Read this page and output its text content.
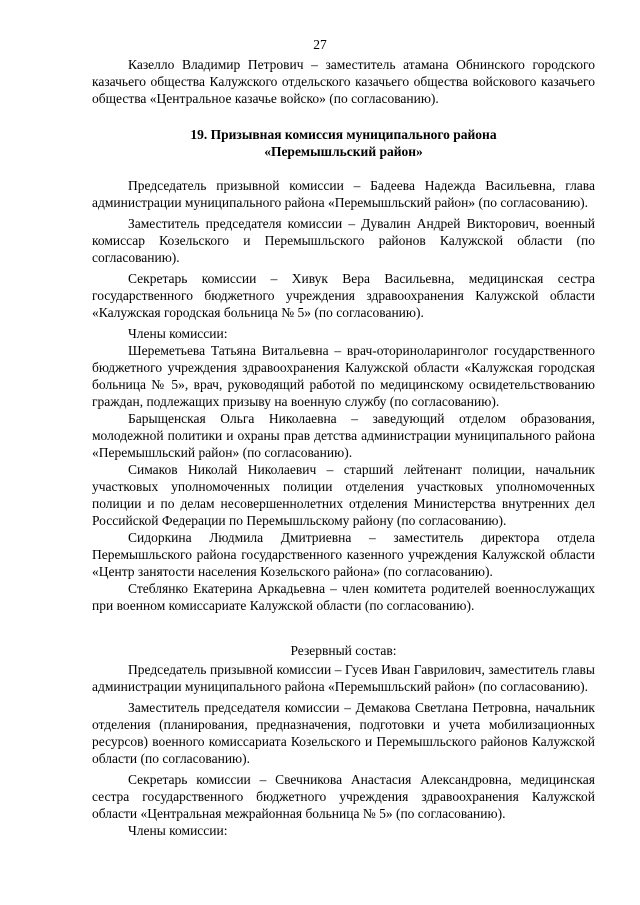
27

Казелло Владимир Петрович – заместитель атамана Обнинского городского казачьего общества Калужского отдельского казачьего общества войскового казачьего общества «Центральное казачье войско» (по согласованию).

19. Призывная комиссия муниципального района

«Перемышльский район»

Председатель призывной комиссии – Бадеева Надежда Васильевна, глава администрации муниципального района «Перемышльский район» (по согласованию).

Заместитель председателя комиссии – Дувалин Андрей Викторович, военный комиссар Козельского и Перемышльского районов Калужской области (по согласованию).

Секретарь комиссии – Хивук Вера Васильевна, медицинская сестра государственного бюджетного учреждения здравоохранения Калужской области «Калужская городская больница № 5» (по согласованию).

Члены комиссии:

Шереметьева Татьяна Витальевна – врач-оториноларинголог государственного бюджетного учреждения здравоохранения Калужской области «Калужская городская больница № 5», врач, руководящий работой по медицинскому освидетельствованию граждан, подлежащих призыву на военную службу (по согласованию).

Барыщенская Ольга Николаевна – заведующий отделом образования, молодежной политики и охраны прав детства администрации муниципального района «Перемышльский район» (по согласованию).

Симаков Николай Николаевич – старший лейтенант полиции, начальник участковых уполномоченных полиции отделения участковых уполномоченных полиции и по делам несовершеннолетних отделения Министерства внутренних дел Российской Федерации по Перемышльскому району (по согласованию).

Сидоркина Людмила Дмитриевна – заместитель директора отдела Перемышльского района государственного казенного учреждения Калужской области «Центр занятости населения Козельского района» (по согласованию).

Стеблянко Екатерина Аркадьевна – член комитета родителей военнослужащих при военном комиссариате Калужской области (по согласованию).

Резервный состав:

Председатель призывной комиссии – Гусев Иван Гаврилович, заместитель главы администрации муниципального района «Перемышльский район» (по согласованию).

Заместитель председателя комиссии – Демакова Светлана Петровна, начальник отделения (планирования, предназначения, подготовки и учета мобилизационных ресурсов) военного комиссариата Козельского и Перемышльского районов Калужской области (по согласованию).

Секретарь комиссии – Свечникова Анастасия Александровна, медицинская сестра государственного бюджетного учреждения здравоохранения Калужской области «Центральная межрайонная больница № 5» (по согласованию).

Члены комиссии:
